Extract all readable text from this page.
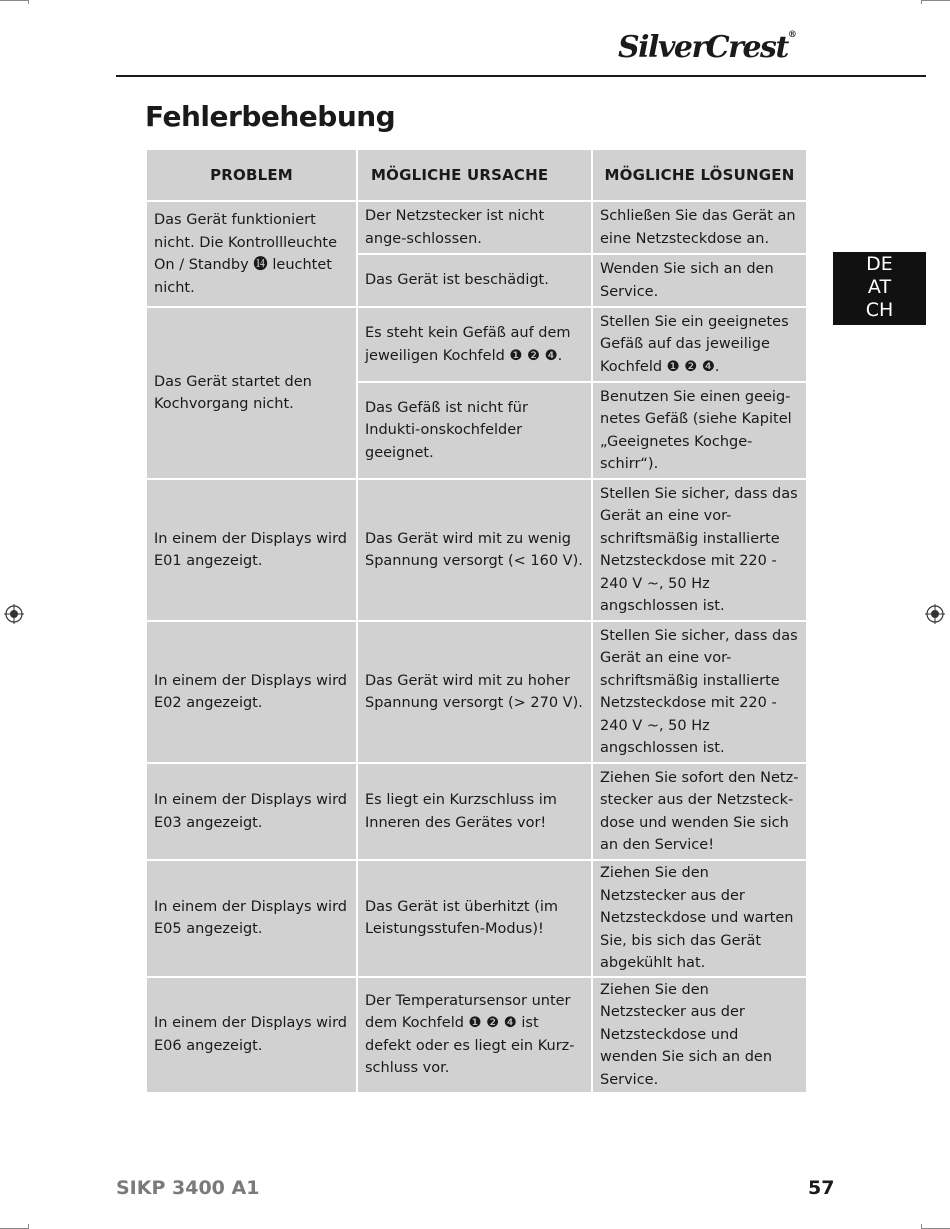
SilverCrest®
Fehlerbehebung
DE
AT
CH
PROBLEM	MÖGLICHE URSACHE	MÖGLICHE LÖSUNGEN
Das Gerät funktioniert nicht. Die Kontrollleuchte On / Standby ⓮ leuchtet nicht.	Der Netzstecker ist nicht ange-schlossen.	Schließen Sie das Gerät an eine Netzsteckdose an.
	Das Gerät ist beschädigt.	Wenden Sie sich an den Service.
Das Gerät startet den Kochvorgang nicht.	Es steht kein Gefäß auf dem jeweiligen Kochfeld ❶ ❷ ❹.	Stellen Sie ein geeignetes Gefäß auf das jeweilige Kochfeld ❶ ❷ ❹.
	Das Gefäß ist nicht für Indukti-onskochfelder geeignet.	Benutzen Sie einen geeig-netes Gefäß (siehe Kapitel „Geeignetes Kochge-schirr“).
In einem der Displays wird E01 angezeigt.	Das Gerät wird mit zu wenig Spannung versorgt (< 160 V).	Stellen Sie sicher, dass das Gerät an eine vor-schriftsmäßig installierte Netzsteckdose mit 220 - 240 V ~, 50 Hz angschlossen ist.
In einem der Displays wird E02 angezeigt.	Das Gerät wird mit zu hoher Spannung versorgt (> 270 V).	Stellen Sie sicher, dass das Gerät an eine vor-schriftsmäßig installierte Netzsteckdose mit 220 - 240 V ~, 50 Hz angschlossen ist.
In einem der Displays wird E03 angezeigt.	Es liegt ein Kurzschluss im Inneren des Gerätes vor!	Ziehen Sie sofort den Netz-stecker aus der Netzsteck-dose und wenden Sie sich an den Service!
In einem der Displays wird E05 angezeigt.	Das Gerät ist überhitzt (im Leistungsstufen-Modus)!	Ziehen Sie den Netzstecker aus der Netzsteckdose und warten Sie, bis sich das Gerät abgekühlt hat.
In einem der Displays wird E06 angezeigt.	Der Temperatursensor unter dem Kochfeld ❶ ❷ ❹ ist defekt oder es liegt ein Kurz-schluss vor.	Ziehen Sie den Netzstecker aus der Netzsteckdose und wenden Sie sich an den Service.
SIKP 3400 A1	57
